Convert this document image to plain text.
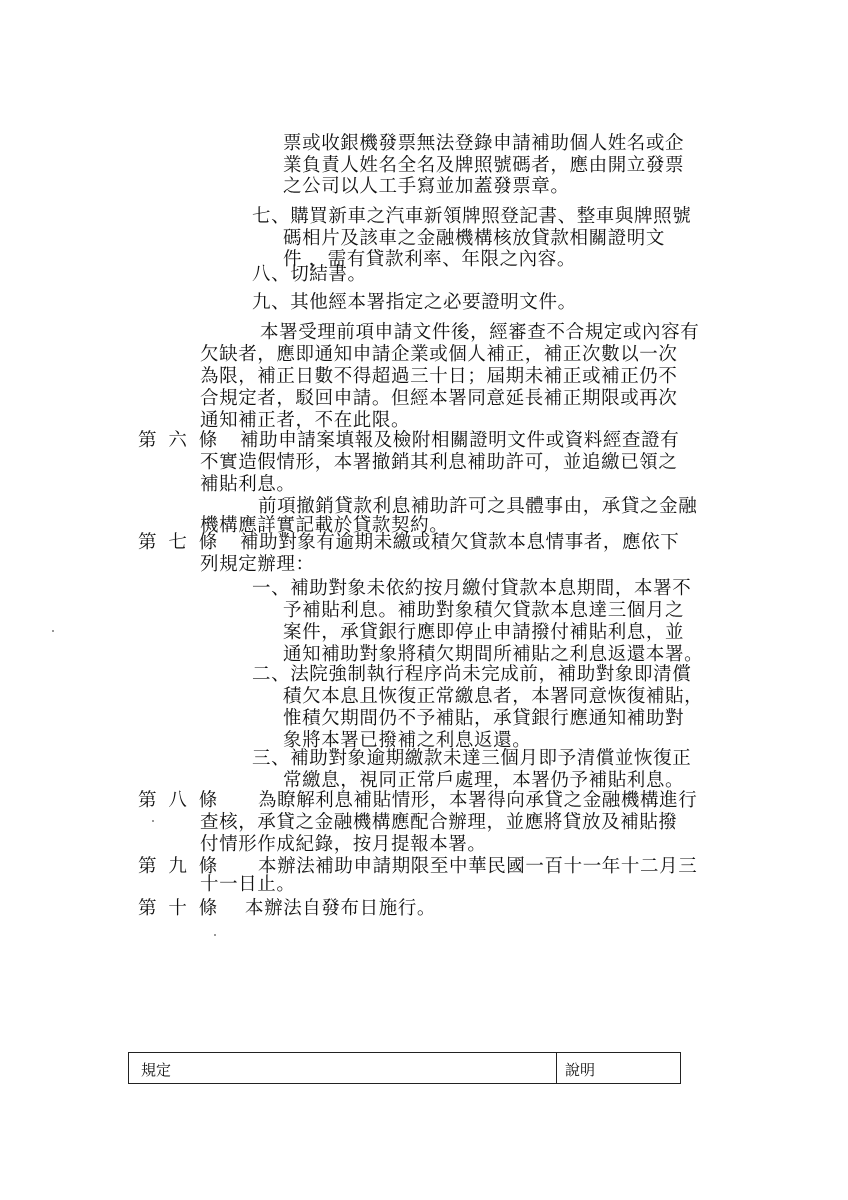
票或收銀機發票無法登錄申請補助個人姓名或企
業負責人姓名全名及牌照號碼者，應由開立發票
之公司以人工手寫並加蓋發票章。
七、購買新車之汽車新領牌照登記書、整車與牌照號
碼相片及該車之金融機構核放貸款相關證明文
件 ，需有貸款利率、年限之內容。
八、切結書。
九、其他經本署指定之必要證明文件。
本署受理前項申請文件後，經審查不合規定或內容有
欠缺者，應即通知申請企業或個人補正，補正次數以一次
為限，補正日數不得超過三十日；屆期未補正或補正仍不
合規定者，駁回申請。但經本署同意延長補正期限或再次
通知補正者，不在此限。
第 六 條 補助申請案填報及檢附相關證明文件或資料經查證有
不實造假情形，本署撤銷其利息補助許可，並追繳已領之
補貼利息。
前項撤銷貸款利息補助許可之具體事由，承貸之金融
機構應詳實記載於貸款契約。
第 七 條 補助對象有逾期未繳或積欠貸款本息情事者，應依下
列規定辦理：
一、補助對象未依約按月繳付貸款本息期間，本署不
予補貼利息。補助對象積欠貸款本息達三個月之
案件，承貸銀行應即停止申請撥付補貼利息，並
通知補助對象將積欠期間所補貼之利息返還本署。
二、法院強制執行程序尚未完成前，補助對象即清償
積欠本息且恢復正常繳息者，本署同意恢復補貼，
惟積欠期間仍不予補貼，承貸銀行應通知補助對
象將本署已撥補之利息返還。
三、補助對象逾期繳款未達三個月即予清償並恢復正
常繳息，視同正常戶處理，本署仍予補貼利息。
第 八 條 為瞭解利息補貼情形，本署得向承貸之金融機構進行
查核，承貸之金融機構應配合辦理，並應將貸放及補貼撥
付情形作成紀錄，按月提報本署。
第 九 條 本辦法補助申請期限至中華民國一百十一年十二月三
十一日止。
第 十 條 本辦法自發布日施行。
規定	說明
